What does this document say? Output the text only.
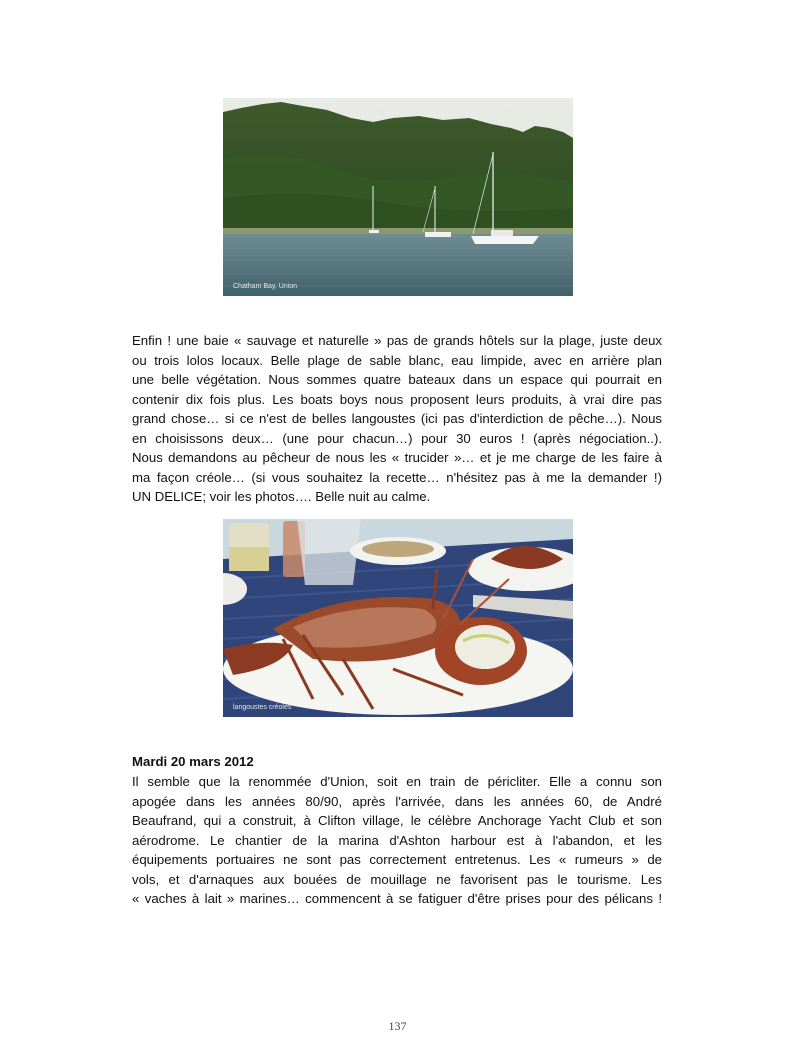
Chatham Bay, Union
Enfin ! une baie « sauvage et naturelle » pas de grands hôtels sur la plage, juste deux
ou trois lolos locaux. Belle plage de sable blanc, eau limpide, avec en arrière plan
une belle végétation. Nous sommes quatre bateaux dans un espace qui pourrait en
contenir dix fois plus. Les boats boys nous proposent leurs produits, à vrai dire pas
grand chose… si ce n'est de belles langoustes (ici pas d'interdiction de pêche…). Nous
en choisissons deux… (une pour chacun…) pour 30 euros ! (après négociation..).
Nous demandons au pêcheur de nous les « trucider »… et je me charge de les faire à
ma façon créole… (si vous souhaitez la recette… n'hésitez pas à me la demander !)
UN DELICE; voir les photos…. Belle nuit au calme.
langoustes créoles
Mardi 20 mars 2012
Il semble que la renommée d'Union, soit en train de péricliter. Elle a connu son
apogée dans les années 80/90, après l'arrivée, dans les années 60, de André
Beaufrand, qui a construit, à Clifton village, le célèbre Anchorage Yacht Club et son
aérodrome. Le chantier de la marina d'Ashton harbour est à l'abandon, et les
équipements portuaires ne sont pas correctement entretenus. Les « rumeurs » de
vols, et d'arnaques aux bouées de mouillage ne favorisent pas le tourisme. Les
« vaches à lait » marines… commencent à se fatiguer d'être prises pour des pélicans !
137
